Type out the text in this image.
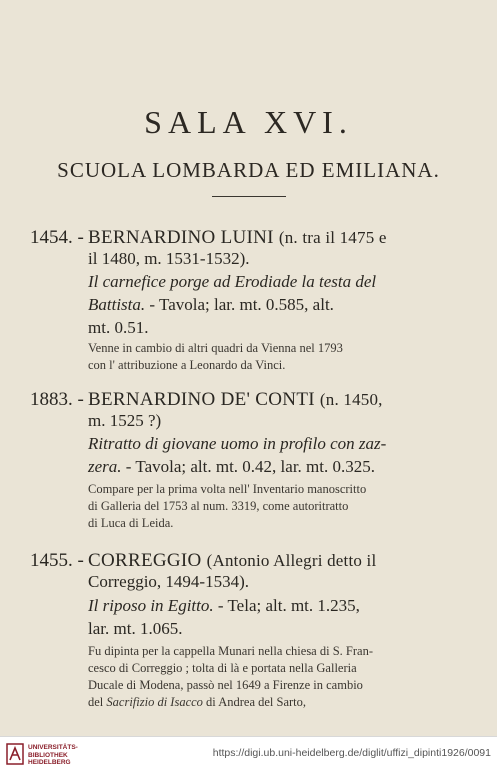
SALA XVI.
SCUOLA LOMBARDA ED EMILIANA.
1454. - BERNARDINO LUINI (n. tra il 1475 e
il 1480, m. 1531-1532).
Il carnefice porge ad Erodiade la testa del
Battista. - Tavola; lar. mt. 0.585, alt.
mt. 0.51.
Venne in cambio di altri quadri da Vienna nel 1793
con l' attribuzione a Leonardo da Vinci.
1883. - BERNARDINO DE' CONTI (n. 1450,
m. 1525 ?)
Ritratto di giovane uomo in profilo con zaz-
zera. - Tavola; alt. mt. 0.42, lar. mt. 0.325.
Compare per la prima volta nell' Inventario manoscritto
di Galleria del 1753 al num. 3319, come autoritratto
di Luca di Leida.
1455. - CORREGGIO (Antonio Allegri detto il
Correggio, 1494-1534).
Il riposo in Egitto. - Tela; alt. mt. 1.235,
lar. mt. 1.065.
Fu dipinta per la cappella Munari nella chiesa di S. Fran-
cesco di Correggio ; tolta di là e portata nella Galleria
Ducale di Modena, passò nel 1649 a Firenze in cambio
del Sacrifizio di Isacco di Andrea del Sarto,
UNIVERSITÄTS-
BIBLIOTHEK
HEIDELBERG
https://digi.ub.uni-heidelberg.de/diglit/uffizi_dipinti1926/0091
